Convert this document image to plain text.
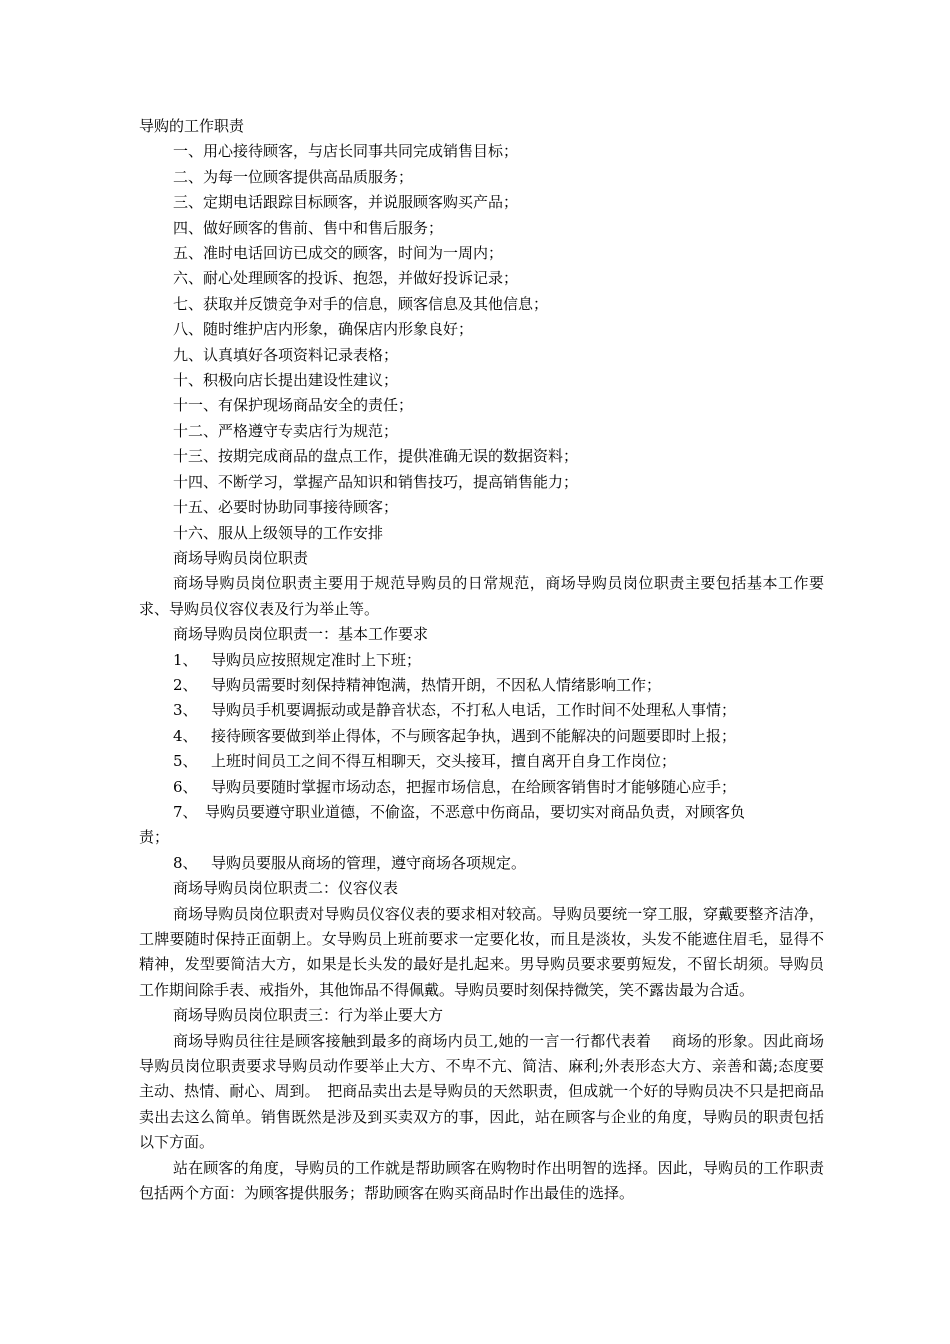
导购的工作职责

一、用心接待顾客，与店长同事共同完成销售目标；

二、为每一位顾客提供高品质服务；

三、定期电话跟踪目标顾客，并说服顾客购买产品；

四、做好顾客的售前、售中和售后服务；

五、准时电话回访已成交的顾客，时间为一周内；

六、耐心处理顾客的投诉、抱怨，并做好投诉记录；

七、获取并反馈竞争对手的信息，顾客信息及其他信息；

八、随时维护店内形象，确保店内形象良好；

九、认真填好各项资料记录表格；

十、积极向店长提出建设性建议；

十一、有保护现场商品安全的责任；

十二、严格遵守专卖店行为规范；

十三、按期完成商品的盘点工作，提供准确无误的数据资料；

十四、不断学习，掌握产品知识和销售技巧，提高销售能力；

十五、必要时协助同事接待顾客；

十六、服从上级领导的工作安排

商场导购员岗位职责

商场导购员岗位职责主要用于规范导购员的日常规范，商场导购员岗位职责主要包括基本工作要求、导购员仪容仪表及行为举止等。

商场导购员岗位职责一：基本工作要求

1、 导购员应按照规定准时上下班；

2、 导购员需要时刻保持精神饱满，热情开朗，不因私人情绪影响工作；

3、 导购员手机要调振动或是静音状态，不打私人电话，工作时间不处理私人事情；

4、 接待顾客要做到举止得体，不与顾客起争执，遇到不能解决的问题要即时上报；

5、 上班时间员工之间不得互相聊天，交头接耳，擅自离开自身工作岗位；

6、 导购员要随时掌握市场动态，把握市场信息，在给顾客销售时才能够随心应手；

7、　导购员要遵守职业道德，不偷盗，不恶意中伤商品，要切实对商品负责，对顾客负

责；

8、 导购员要服从商场的管理，遵守商场各项规定。

商场导购员岗位职责二：仪容仪表

商场导购员岗位职责对导购员仪容仪表的要求相对较高。导购员要统一穿工服，穿戴要整齐洁净，工牌要随时保持正面朝上。女导购员上班前要求一定要化妆，而且是淡妆，头发不能遮住眉毛，显得不精神，发型要简洁大方，如果是长头发的最好是扎起来。男导购员要求要剪短发，不留长胡须。导购员工作期间除手表、戒指外，其他饰品不得佩戴。导购员要时刻保持微笑，笑不露齿最为合适。

商场导购员岗位职责三：行为举止要大方

商场导购员往往是顾客接触到最多的商场内员工,她的一言一行都代表着　 商场的形象。因此商场导购员岗位职责要求导购员动作要举止大方、不卑不亢、简洁、麻利;外表形态大方、亲善和蔼;态度要主动、热情、耐心、周到。　把商品卖出去是导购员的天然职责，但成就一个好的导购员决不只是把商品卖出去这么简单。销售既然是涉及到买卖双方的事，因此，站在顾客与企业的角度，导购员的职责包括以下方面。

站在顾客的角度，导购员的工作就是帮助顾客在购物时作出明智的选择。因此，导购员的工作职责包括两个方面：为顾客提供服务；帮助顾客在购买商品时作出最佳的选择。
